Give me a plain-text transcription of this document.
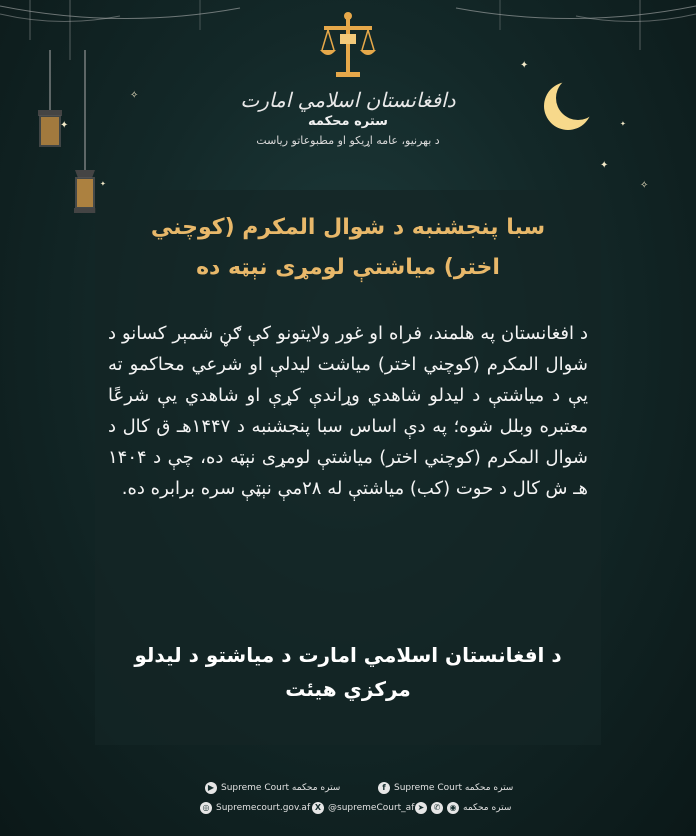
✦
✧
✦
✧
✦
✦
✦
دافغانستان اسلامي امارت
ستره محکمه
د بهرنیو، عامه اړیکو او مطبوعاتو ریاست
سبا پنجشنبه د شوال المکرم (کوچني
اختر) میاشتې لومړی نېټه ده
د افغانستان په هلمند، فراه او غور ولایتونو کې ګڼ شمېر کسانو د شوال المکرم (کوچني اختر) میاشت لیدلې او شرعي محاکمو ته یې د میاشتې د لیدلو شاهدي وړاندې کړې او شاهدي یې شرعًا معتبره وبلل شوه؛ په دې اساس سبا پنجشنبه د ۱۴۴۷هـ ق کال د شوال المکرم (کوچني اختر) میاشتې لومړی نېټه ده، چې د ۱۴۰۴ هـ ش کال د حوت (کب) میاشتې له ۲۸مې نېټې سره برابره ده.
د افغانستان اسلامي امارت د میاشتو د لیدلو
مرکزي هیئت
▶ Supreme Court ستره محکمه	f Supreme Court ستره محکمه
◎ Supremecourt.gov.af X @supremeCourt_af ➤	✆	◉ ستره محکمه
